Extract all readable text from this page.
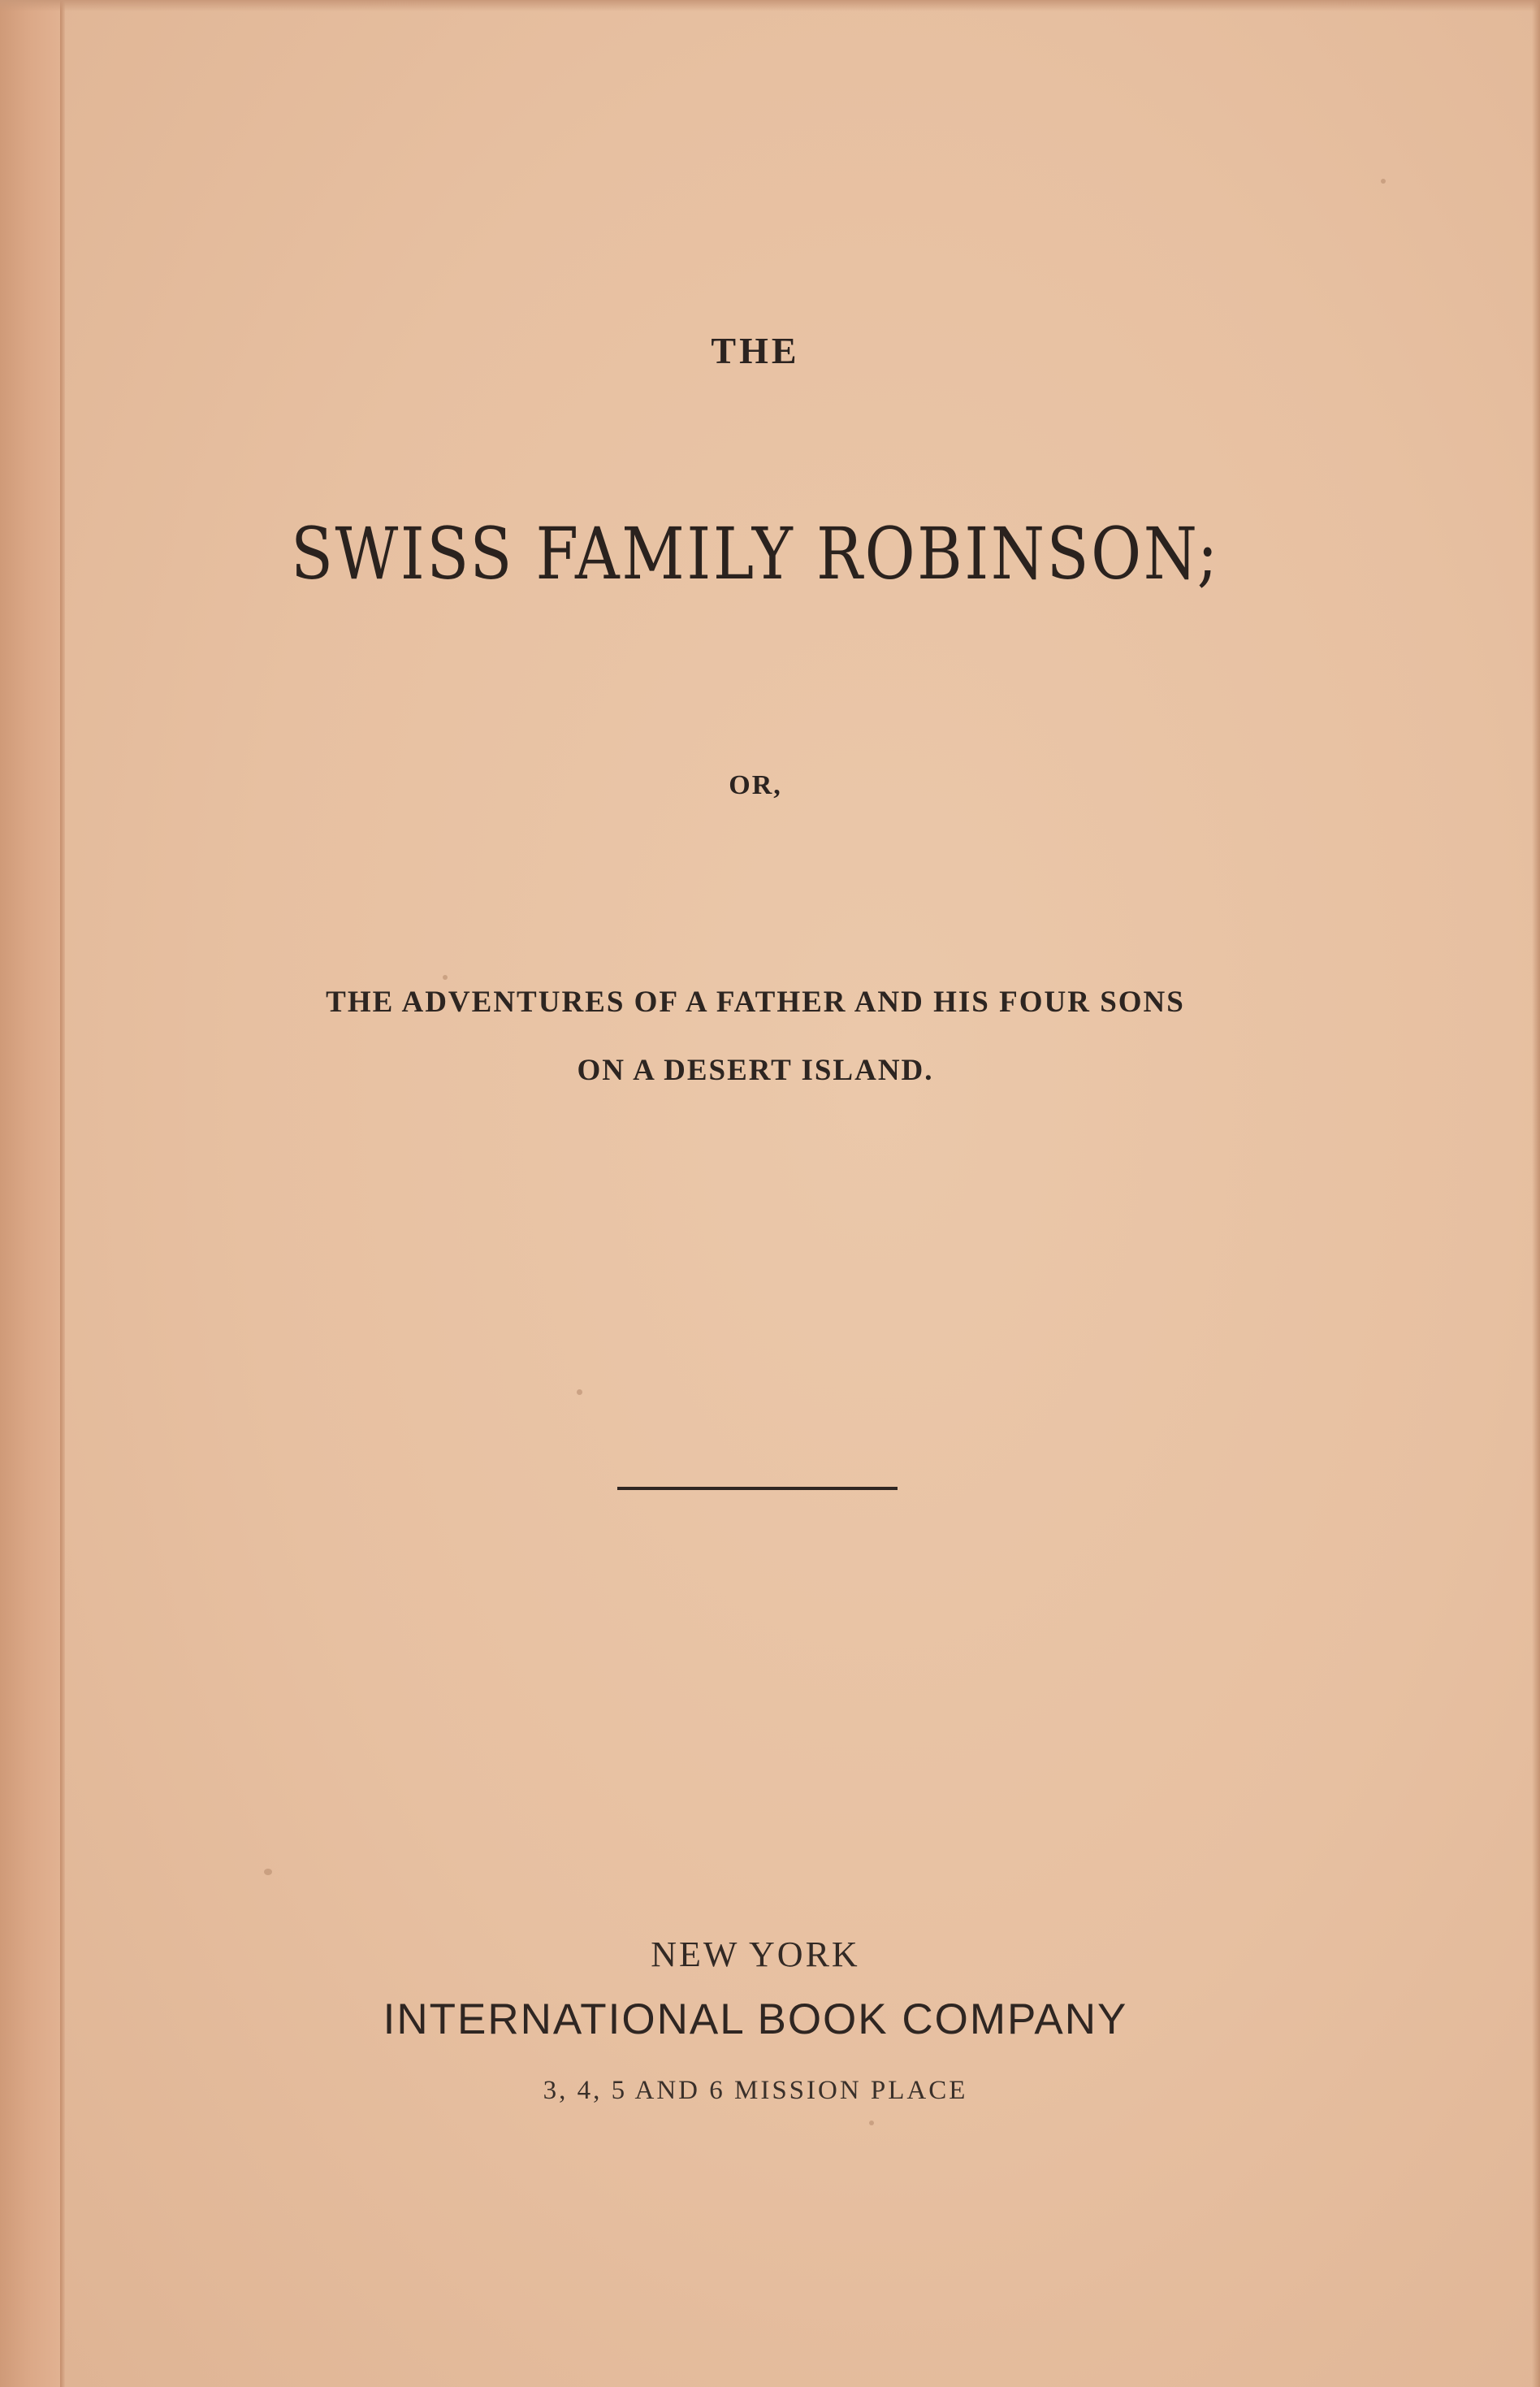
THE
SWISS FAMILY ROBINSON;
OR,
THE ADVENTURES OF A FATHER AND HIS FOUR SONS
ON A DESERT ISLAND.
NEW YORK
INTERNATIONAL BOOK COMPANY
3, 4, 5 AND 6 MISSION PLACE
